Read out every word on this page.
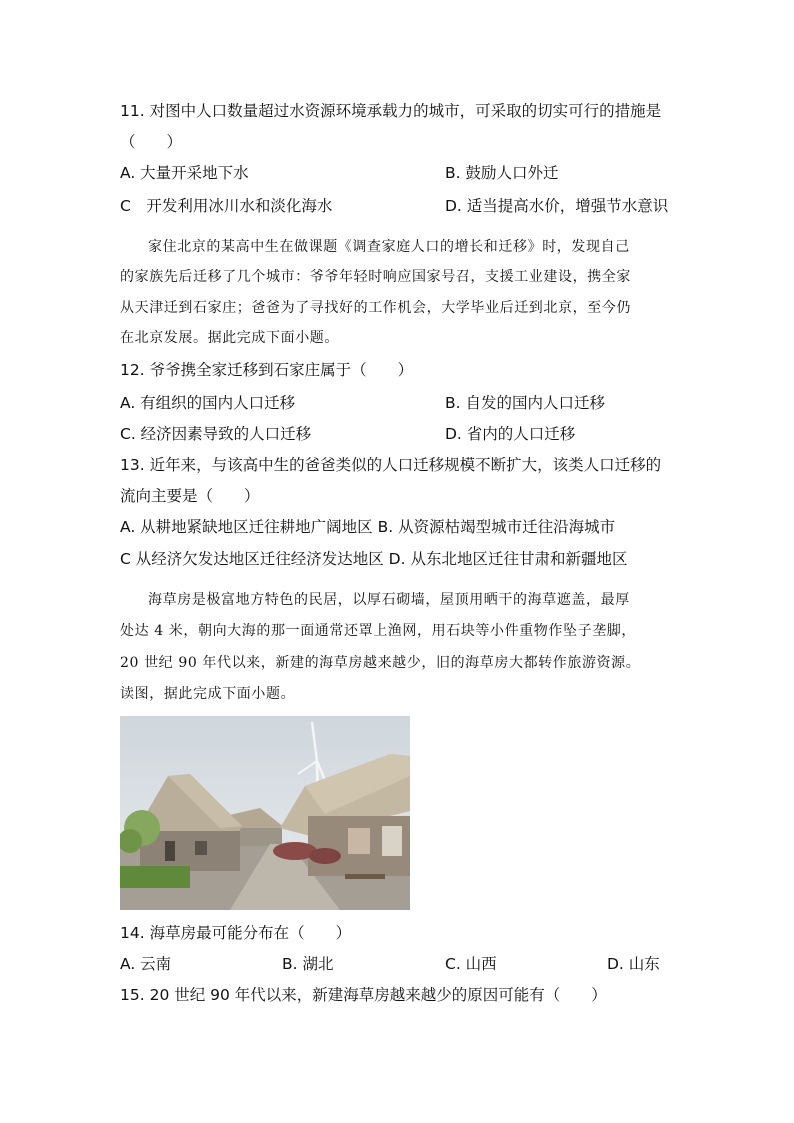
11. 对图中人口数量超过水资源环境承载力的城市，可采取的切实可行的措施是
（　　）
A. 大量开采地下水	B. 鼓励人口外迁
C　开发利用冰川水和淡化海水	D. 适当提高水价，增强节水意识
家住北京的某高中生在做课题《调查家庭人口的增长和迁移》时，发现自己
的家族先后迁移了几个城市：爷爷年轻时响应国家号召，支援工业建设，携全家
从天津迁到石家庄；爸爸为了寻找好的工作机会，大学毕业后迁到北京，至今仍
在北京发展。据此完成下面小题。
12. 爷爷携全家迁移到石家庄属于（　　）
A. 有组织的国内人口迁移	B. 自发的国内人口迁移
C. 经济因素导致的人口迁移	D. 省内的人口迁移
13. 近年来，与该高中生的爸爸类似的人口迁移规模不断扩大，该类人口迁移的
流向主要是（　　）
A. 从耕地紧缺地区迁往耕地广阔地区 B. 从资源枯竭型城市迁往沿海城市
C 从经济欠发达地区迁往经济发达地区 D. 从东北地区迁往甘肃和新疆地区
海草房是极富地方特色的民居，以厚石砌墙，屋顶用晒干的海草遮盖，最厚
处达 4 米，朝向大海的那一面通常还罩上渔网，用石块等小件重物作坠子垄脚，
20 世纪 90 年代以来，新建的海草房越来越少，旧的海草房大都转作旅游资源。
读图，据此完成下面小题。
14. 海草房最可能分布在（　　）
A. 云南	B. 湖北	C. 山西	D. 山东
15. 20 世纪 90 年代以来，新建海草房越来越少的原因可能有（　　）
